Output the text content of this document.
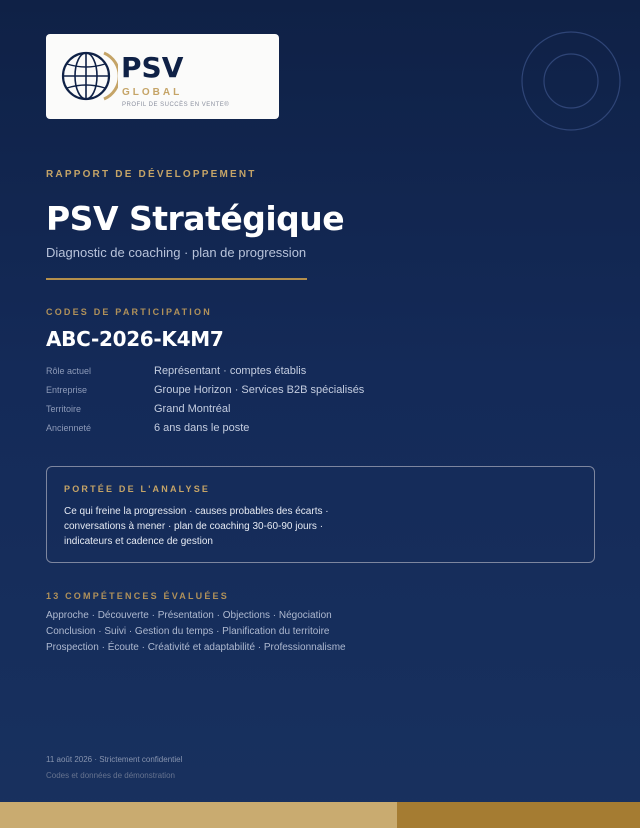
PSV
GLOBAL
PROFIL DE SUCCÈS EN VENTE®
RAPPORT DE DÉVELOPPEMENT
PSV Stratégique
Diagnostic de coaching · plan de progression
CODES DE PARTICIPATION
ABC-2026-K4M7
Rôle actuel	Représentant · comptes établis
Entreprise	Groupe Horizon · Services B2B spécialisés
Territoire	Grand Montréal
Ancienneté	6 ans dans le poste
PORTÉE DE L'ANALYSE
Ce qui freine la progression · causes probables des écarts ·
conversations à mener · plan de coaching 30-60-90 jours ·
indicateurs et cadence de gestion
13 COMPÉTENCES ÉVALUÉES
Approche · Découverte · Présentation · Objections · Négociation
Conclusion · Suivi · Gestion du temps · Planification du territoire
Prospection · Écoute · Créativité et adaptabilité · Professionnalisme
11 août 2026 · Strictement confidentiel
Codes et données de démonstration
